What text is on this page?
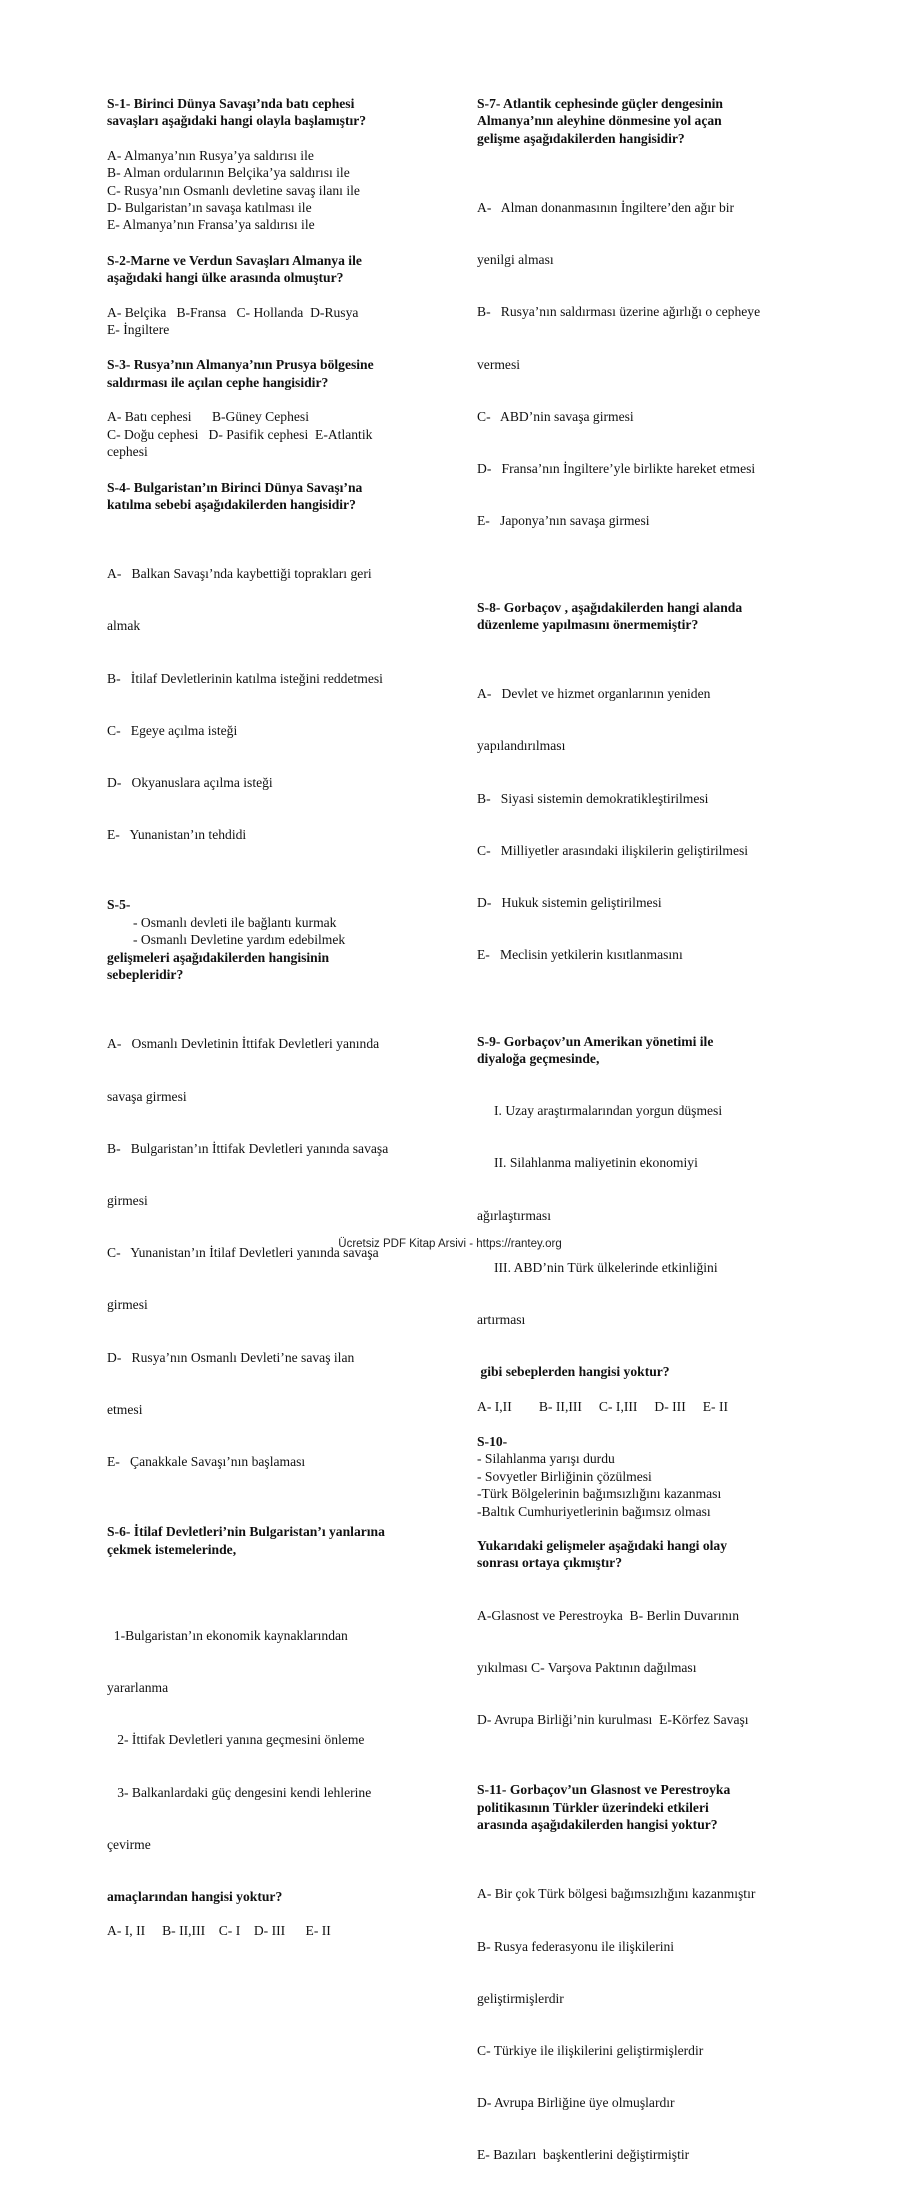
S-1- Birinci Dünya Savaşı’nda batı cephesi
savaşları aşağıdaki hangi olayla başlamıştır?
A- Almanya’nın Rusya’ya saldırısı ile
B- Alman ordularının Belçika’ya saldırısı ile
C- Rusya’nın Osmanlı devletine savaş ilanı ile
D- Bulgaristan’ın savaşa katılması ile
E- Almanya’nın Fransa’ya saldırısı ile
S-2-Marne ve Verdun Savaşları Almanya ile
aşağıdaki hangi ülke arasında olmuştur?
A- Belçika   B-Fransa   C- Hollanda  D-Rusya
E- İngiltere
S-3- Rusya’nın Almanya’nın Prusya bölgesine
saldırması ile açılan cephe hangisidir?
A- Batı cephesi      B-Güney Cephesi
C- Doğu cephesi   D- Pasifik cephesi  E-Atlantik
cephesi
S-4- Bulgaristan’ın Birinci Dünya Savaşı’na
katılma sebebi aşağıdakilerden hangisidir?

A-   Balkan Savaşı’nda kaybettiği toprakları geri

almak

B-   İtilaf Devletlerinin katılma isteğini reddetmesi

C-   Egeye açılma isteği

D-   Okyanuslara açılma isteği

E-   Yunanistan’ın tehdidi

S-5-
- Osmanlı devleti ile bağlantı kurmak
- Osmanlı Devletine yardım edebilmek
gelişmeleri aşağıdakilerden hangisinin
sebepleridir?

A-   Osmanlı Devletinin İttifak Devletleri yanında

savaşa girmesi

B-   Bulgaristan’ın İttifak Devletleri yanında savaşa

girmesi

C-   Yunanistan’ın İtilaf Devletleri yanında savaşa

girmesi

D-   Rusya’nın Osmanlı Devleti’ne savaş ilan

etmesi

E-   Çanakkale Savaşı’nın başlaması

S-6- İtilaf Devletleri’nin Bulgaristan’ı yanlarına
çekmek istemelerinde,

1-Bulgaristan’ın ekonomik kaynaklarından

yararlanma

2- İttifak Devletleri yanına geçmesini önleme

3- Balkanlardaki güç dengesini kendi lehlerine

çevirme

amaçlarından hangisi yoktur?
A- I, II     B- II,III    C- I    D- III      E- II
S-7- Atlantik cephesinde güçler dengesinin
Almanya’nın aleyhine dönmesine yol açan
gelişme aşağıdakilerden hangisidir?

A-   Alman donanmasının İngiltere’den ağır bir

yenilgi alması

B-   Rusya’nın saldırması üzerine ağırlığı o cepheye

vermesi

C-   ABD’nin savaşa girmesi

D-   Fransa’nın İngiltere’yle birlikte hareket etmesi

E-   Japonya’nın savaşa girmesi

S-8- Gorbaçov , aşağıdakilerden hangi alanda
düzenleme yapılmasını önermemiştir?

A-   Devlet ve hizmet organlarının yeniden

yapılandırılması

B-   Siyasi sistemin demokratikleştirilmesi

C-   Milliyetler arasındaki ilişkilerin geliştirilmesi

D-   Hukuk sistemin geliştirilmesi

E-   Meclisin yetkilerin kısıtlanmasını

S-9- Gorbaçov’un Amerikan yönetimi ile
diyaloğa geçmesinde,

I. Uzay araştırmalarından yorgun düşmesi

II. Silahlanma maliyetinin ekonomiyi

ağırlaştırması

III. ABD’nin Türk ülkelerinde etkinliğini

artırması

gibi sebeplerden hangisi yoktur?
A- I,II        B- II,III     C- I,III     D- III     E- II
S-10-
- Silahlanma yarışı durdu
- Sovyetler Birliğinin çözülmesi
-Türk Bölgelerinin bağımsızlığını kazanması
-Baltık Cumhuriyetlerinin bağımsız olması
Yukarıdaki gelişmeler aşağıdaki hangi olay
sonrası ortaya çıkmıştır?

A-Glasnost ve Perestroyka  B- Berlin Duvarının

yıkılması C- Varşova Paktının dağılması

D- Avrupa Birliği’nin kurulması  E-Körfez Savaşı

S-11- Gorbaçov’un Glasnost ve Perestroyka
politikasının Türkler üzerindeki etkileri
arasında aşağıdakilerden hangisi yoktur?

A- Bir çok Türk bölgesi bağımsızlığını kazanmıştır

B- Rusya federasyonu ile ilişkilerini

geliştirmişlerdir

C- Türkiye ile ilişkilerini geliştirmişlerdir

D- Avrupa Birliğine üye olmuşlardır

E- Bazıları  başkentlerini değiştirmiştir

Ücretsiz PDF Kitap Arsivi - https://rantey.org
